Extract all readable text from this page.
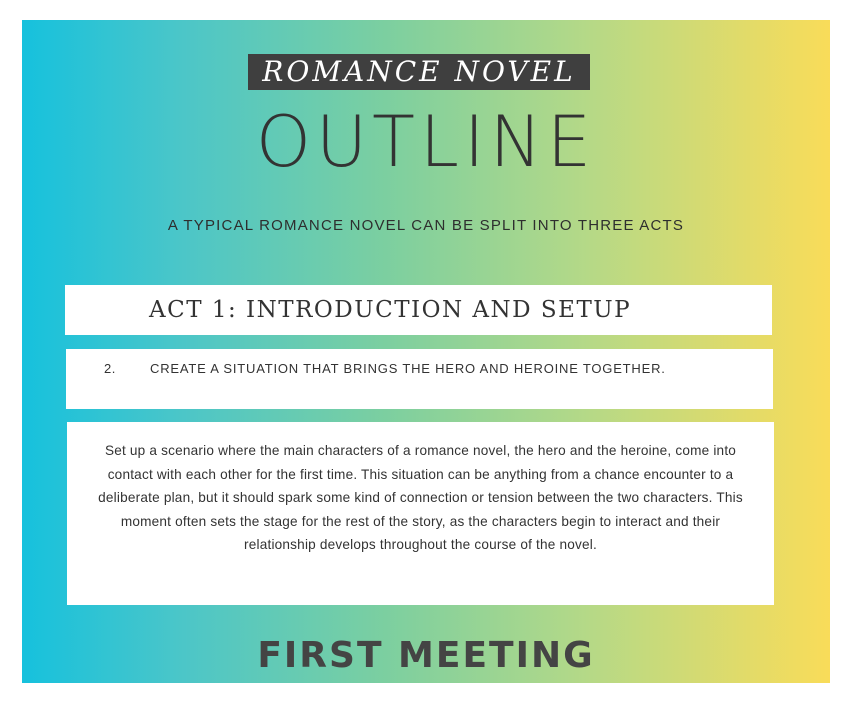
ROMANCE NOVEL
OUTLINE
A TYPICAL ROMANCE NOVEL CAN BE SPLIT INTO THREE ACTS
ACT 1: INTRODUCTION AND SETUP
2.	CREATE A SITUATION THAT BRINGS THE HERO AND HEROINE TOGETHER.
Set up a scenario where the main characters of a romance novel, the hero and the heroine, come into contact with each other for the first time. This situation can be anything from a chance encounter to a deliberate plan, but it should spark some kind of connection or tension between the two characters. This moment often sets the stage for the rest of the story, as the characters begin to interact and their relationship develops throughout the course of the novel.
FIRST MEETING
